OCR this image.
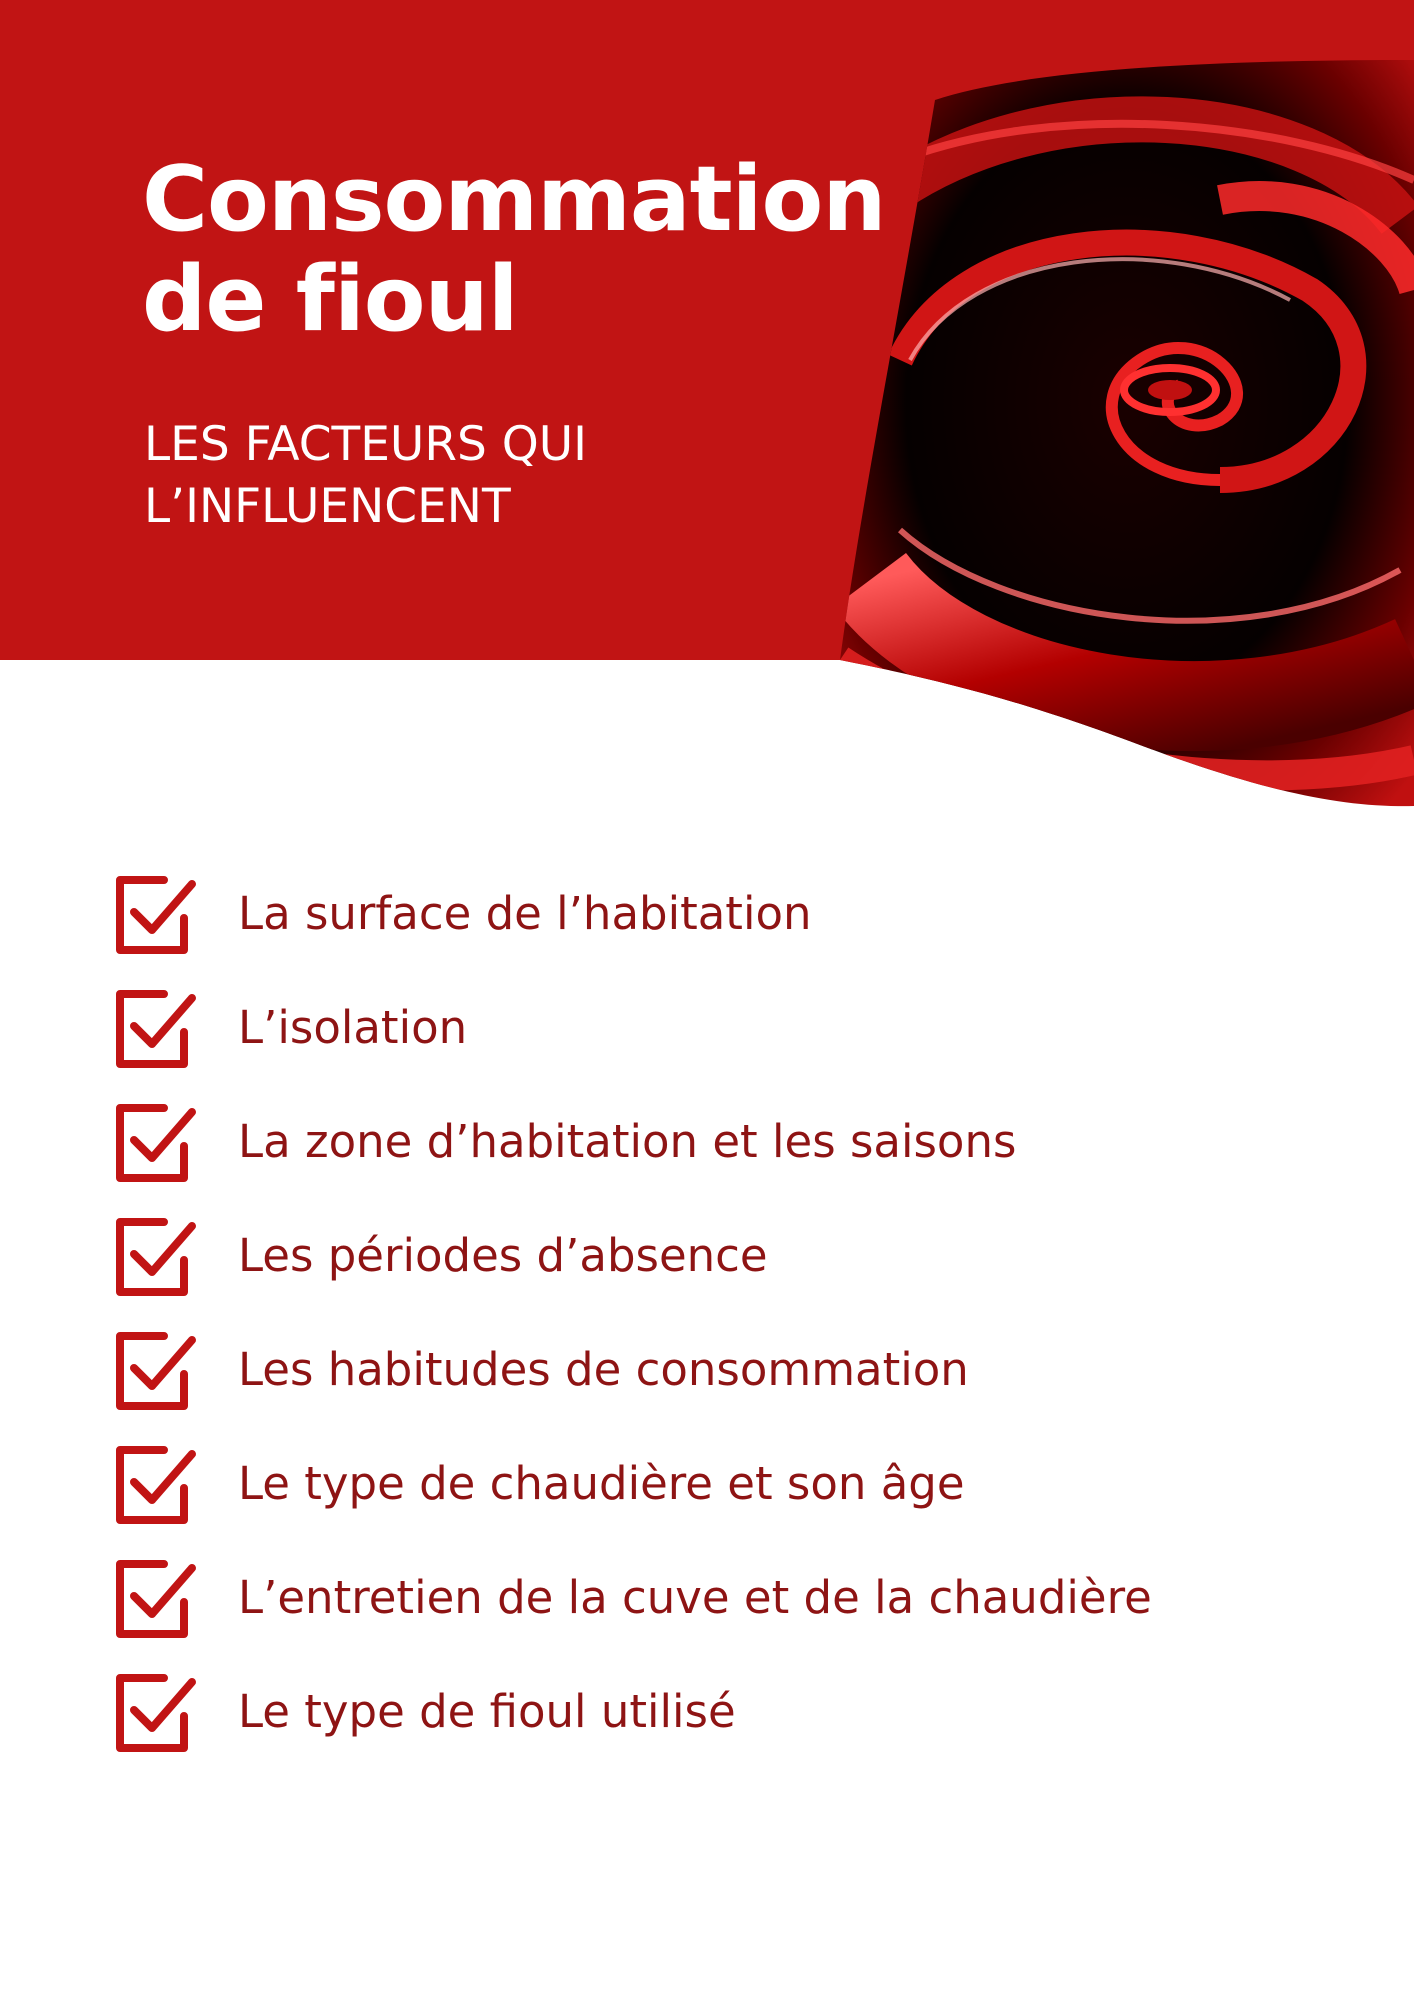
Consommation
de fioul
LES FACTEURS QUI
L’INFLUENCENT
La surface de l’habitation
L’isolation
La zone d’habitation et les saisons
Les périodes d’absence
Les habitudes de consommation
Le type de chaudière et son âge
L’entretien de la cuve et de la chaudière
Le type de fioul utilisé
